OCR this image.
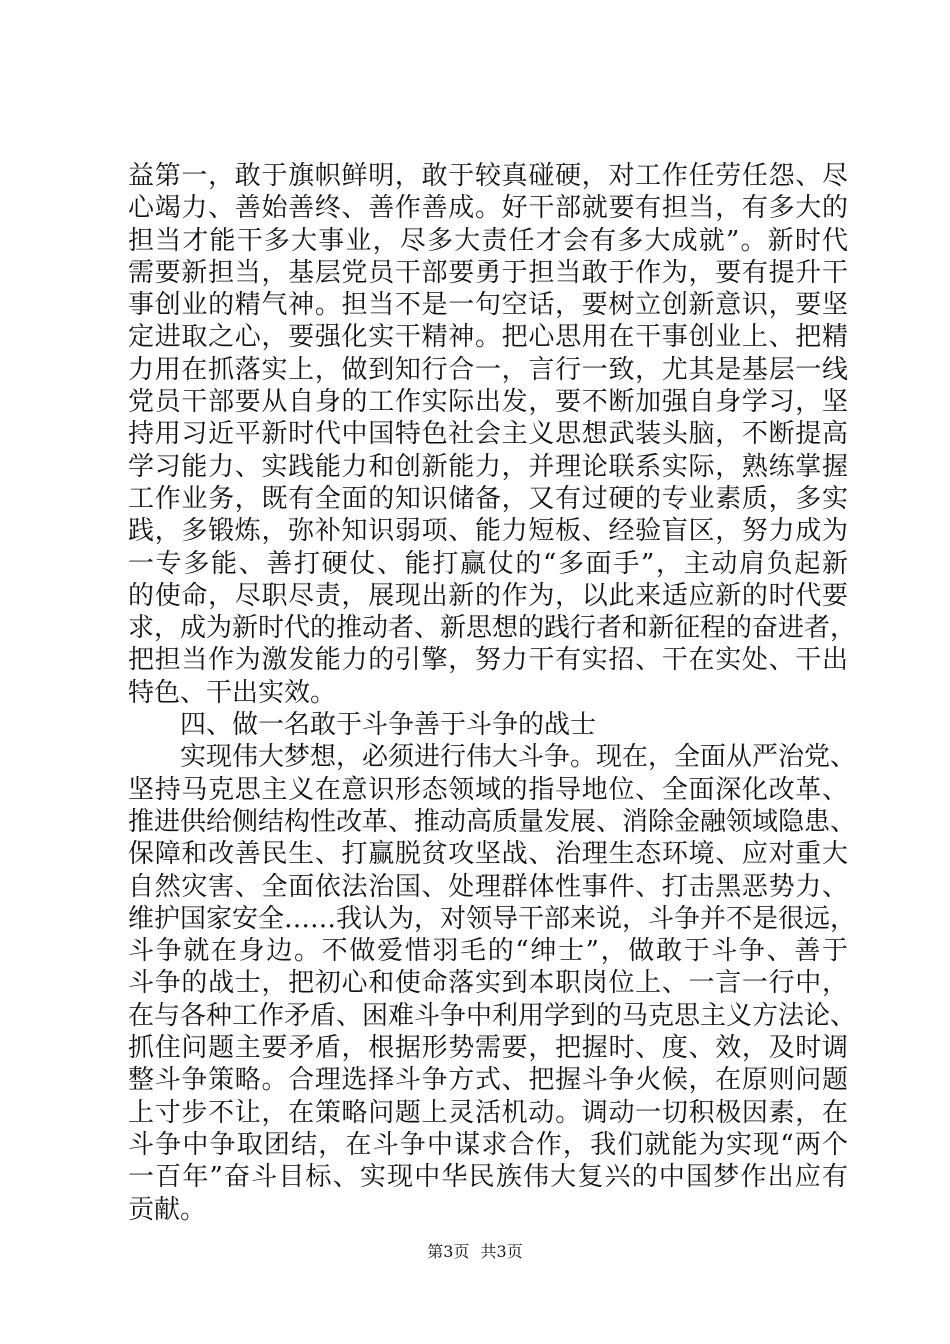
益第一，敢于旗帜鲜明，敢于较真碰硬，对工作任劳任怨、尽
心竭力、善始善终、善作善成。好干部就要有担当，有多大的
担当才能干多大事业，尽多大责任才会有多大成就”。新时代
需要新担当，基层党员干部要勇于担当敢于作为，要有提升干
事创业的精气神。担当不是一句空话，要树立创新意识，要坚
定进取之心，要强化实干精神。把心思用在干事创业上、把精
力用在抓落实上，做到知行合一，言行一致，尤其是基层一线
党员干部要从自身的工作实际出发，要不断加强自身学习，坚
持用习近平新时代中国特色社会主义思想武装头脑，不断提高
学习能力、实践能力和创新能力，并理论联系实际，熟练掌握
工作业务，既有全面的知识储备，又有过硬的专业素质，多实
践，多锻炼，弥补知识弱项、能力短板、经验盲区，努力成为
一专多能、善打硬仗、能打赢仗的“多面手”，主动肩负起新
的使命，尽职尽责，展现出新的作为，以此来适应新的时代要
求，成为新时代的推动者、新思想的践行者和新征程的奋进者，
把担当作为激发能力的引擎，努力干有实招、干在实处、干出
特色、干出实效。
　　四、做一名敢于斗争善于斗争的战士
　　实现伟大梦想，必须进行伟大斗争。现在，全面从严治党、
坚持马克思主义在意识形态领域的指导地位、全面深化改革、
推进供给侧结构性改革、推动高质量发展、消除金融领域隐患、
保障和改善民生、打赢脱贫攻坚战、治理生态环境、应对重大
自然灾害、全面依法治国、处理群体性事件、打击黑恶势力、
维护国家安全……我认为，对领导干部来说，斗争并不是很远，
斗争就在身边。不做爱惜羽毛的“绅士”，做敢于斗争、善于
斗争的战士，把初心和使命落实到本职岗位上、一言一行中，
在与各种工作矛盾、困难斗争中利用学到的马克思主义方法论、
抓住问题主要矛盾，根据形势需要，把握时、度、效，及时调
整斗争策略。合理选择斗争方式、把握斗争火候，在原则问题
上寸步不让，在策略问题上灵活机动。调动一切积极因素，在
斗争中争取团结，在斗争中谋求合作，我们就能为实现“两个
一百年”奋斗目标、实现中华民族伟大复兴的中国梦作出应有
贡献。
第3页 共3页
